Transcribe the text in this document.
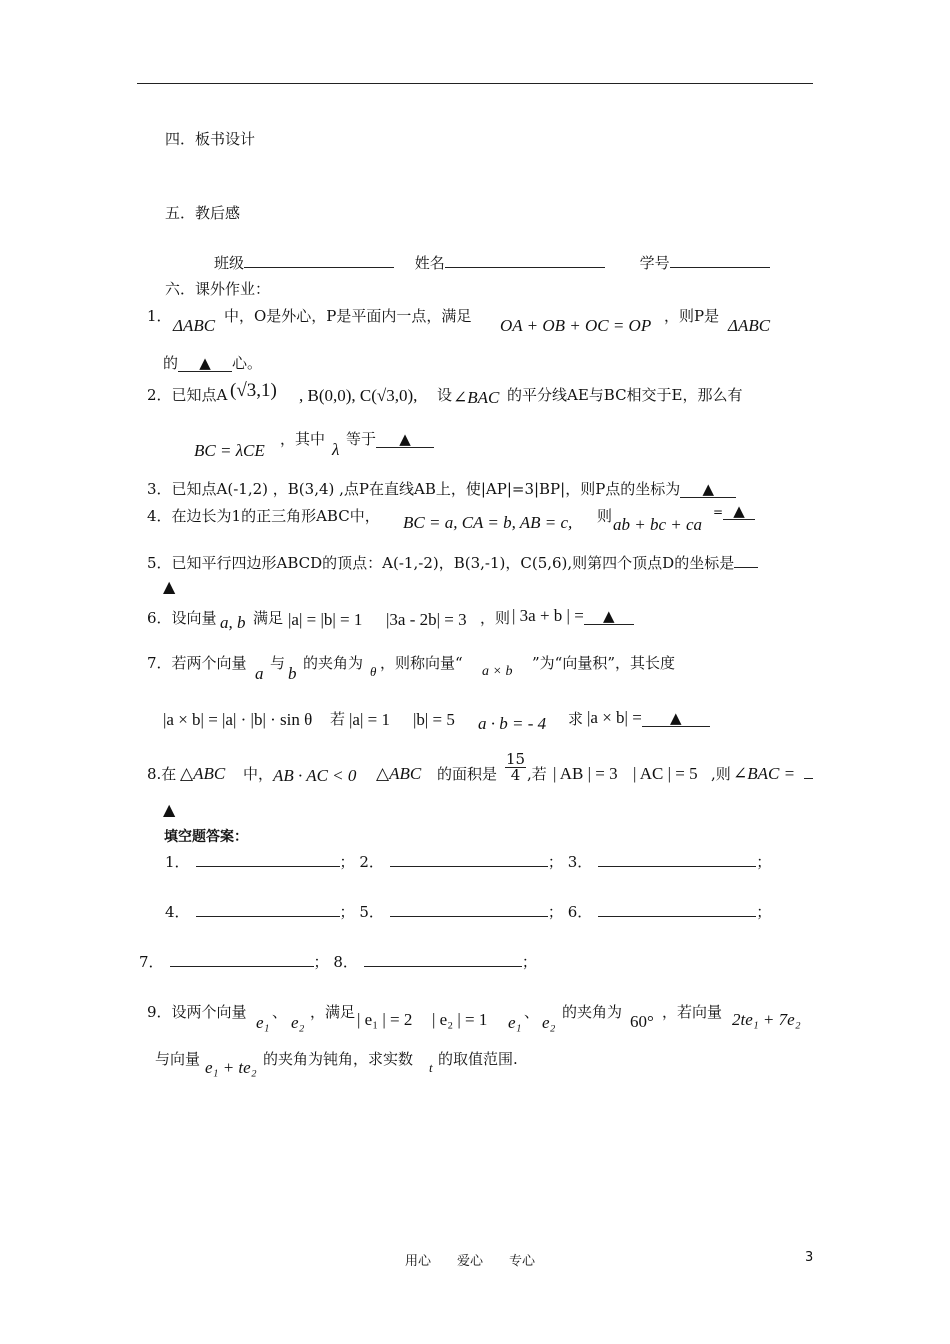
四．板书设计
五．教后感
班级	姓名	学号
六．课外作业：
1． ΔABC 中，O是外心，P是平面内一点，满足 OA + OB + OC = OP ，则P是 ΔABC
的 ▲ 心。
2．已知点A (√3,1) , B(0,0), C(√3,0), 设 ∠BAC 的平分线AE与BC相交于E，那么有
BC = λCE
，其中
λ
等于 ▲
3．已知点A(-1,2) ，B(3,4) ,点P在直线AB上，使|AP|=3|BP|，则P点的坐标为 ▲
4．在边长为1的正三角形ABC中， BC = a, CA = b, AB = c, 则 ab + bc + ca
= ▲
5．已知平行四边形ABCD的顶点：A(-1,-2)，B(3,-1)，C(5,6),则第四个顶点D的坐标是
▲
6．设向量 a, b 满足 |a| = |b| = 1 |3a - 2b| = 3 ，则 | 3a + b | = ▲
7．若两个向量
a
与
b
的夹角为 θ ，则称向量“ a × b ”为“向量积”，其长度
|a × b| = |a| · |b| · sin θ 若 |a| = 1 |b| = 5 a · b = - 4 求 |a × b| = ▲
8.在 △ABC 中， AB · AC < 0 △ABC 的面积是 $\frac{15}{4}$ ,若 | AB | = 3 | AC | = 5 ,则 ∠BAC =
▲
填空题答案：
1．	； 2．	； 3．	；
4．	； 5．	； 6．	；
7．	； 8．	；
9．设两个向量
e₁
、
e₂
，满足 | e₁ | = 2 | e₂ | = 1 e₁
、
e₂
的夹角为 60° ，若向量 2te₁ + 7e₂
与向量 e₁ + te₂ 的夹角为钝角，求实数 t 的取值范围.
用心　　爱心　　专心	3
